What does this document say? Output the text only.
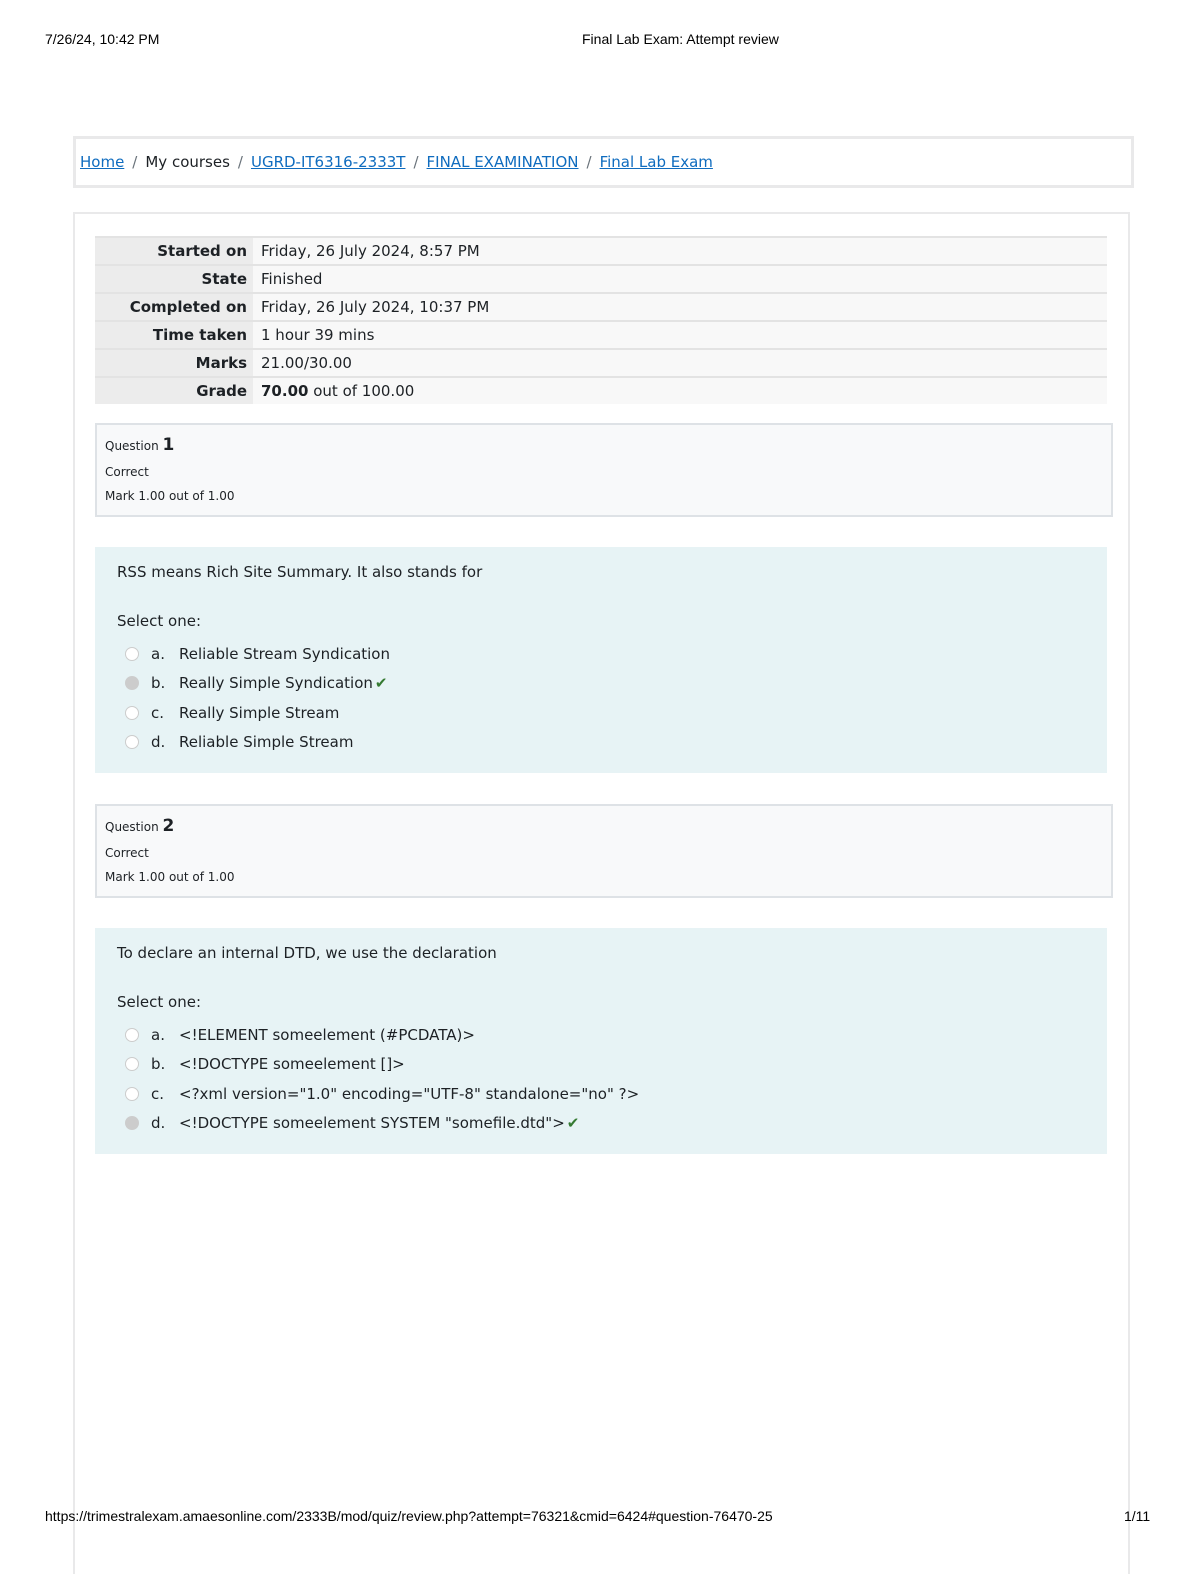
7/26/24, 10:42 PM	Final Lab Exam: Attempt review
Home / My courses / UGRD-IT6316-2333T / FINAL EXAMINATION / Final Lab Exam
Started on	Friday, 26 July 2024, 8:57 PM
State	Finished
Completed on	Friday, 26 July 2024, 10:37 PM
Time taken	1 hour 39 mins
Marks	21.00/30.00
Grade	70.00 out of 100.00
Question 1
Correct
Mark 1.00 out of 1.00
RSS means Rich Site Summary. It also stands for
Select one:
a. Reliable Stream Syndication
b. Really Simple Syndication ✔
c. Really Simple Stream
d. Reliable Simple Stream
Question 2
Correct
Mark 1.00 out of 1.00
To declare an internal DTD, we use the declaration
Select one:
a. <!ELEMENT someelement (#PCDATA)>
b. <!DOCTYPE someelement []>
c. <?xml version="1.0" encoding="UTF-8" standalone="no" ?>
d. <!DOCTYPE someelement SYSTEM "somefile.dtd"> ✔
https://trimestralexam.amaesonline.com/2333B/mod/quiz/review.php?attempt=76321&cmid=6424#question-76470-25	1/11
